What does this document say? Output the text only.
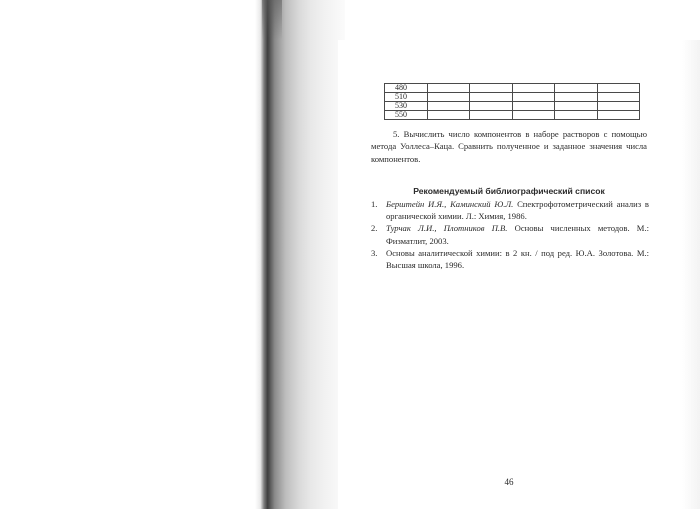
480					
510					
530					
550					

5. Вычислить число компонентов в наборе растворов с помощью метода Уоллеса–Каца. Сравнить полученное и заданное значения числа компонентов.

Рекомендуемый библиографический список
1. Берштейн И.Я., Каминский Ю.Л. Спектрофотометрический анализ в органической химии. Л.: Химия, 1986.
2. Турчак Л.И., Плотников П.В. Основы численных методов. М.: Физматлит, 2003.
3. Основы аналитической химии: в 2 кн. / под ред. Ю.А. Золотова. М.: Высшая школа, 1996.
46
